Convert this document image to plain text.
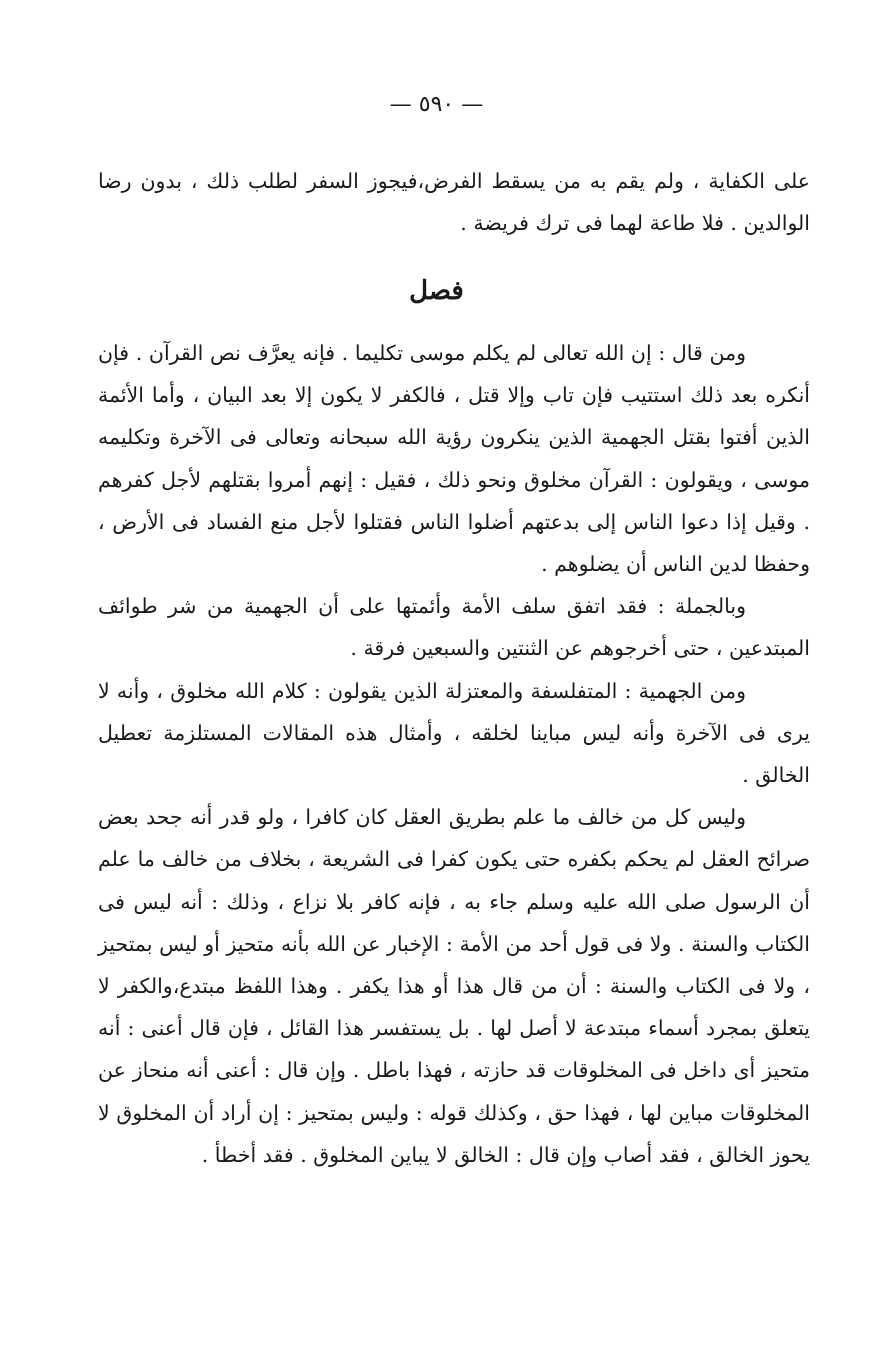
— ٥٩٠ —

على الكفاية ، ولم يقم به من يسقط الفرض،فيجوز السفر لطلب ذلك ، بدون رضا الوالدين . فلا طاعة لهما فى ترك فريضة .

فصل

ومن قال : إن الله تعالى لم يكلم موسى تكليما . فإنه يعرَّف نص القرآن . فإن أنكره بعد ذلك استتيب فإن تاب وإلا قتل ، فالكفر لا يكون إلا بعد البيان ، وأما الأئمة الذين أفتوا بقتل الجهمية الذين ينكرون رؤية الله سبحانه وتعالى فى الآخرة وتكليمه موسى ، ويقولون : القرآن مخلوق ونحو ذلك ، فقيل : إنهم أمروا بقتلهم لأجل كفرهم . وقيل إذا دعوا الناس إلى بدعتهم أضلوا الناس فقتلوا لأجل منع الفساد فى الأرض ، وحفظا لدين الناس أن يضلوهم .

وبالجملة : فقد اتفق سلف الأمة وأئمتها على أن الجهمية من شر طوائف المبتدعين ، حتى أخرجوهم عن الثنتين والسبعين فرقة .

ومن الجهمية : المتفلسفة والمعتزلة الذين يقولون : كلام الله مخلوق ، وأنه لا يرى فى الآخرة وأنه ليس مباينا لخلقه ، وأمثال هذه المقالات المستلزمة تعطيل الخالق .

وليس كل من خالف ما علم بطريق العقل كان كافرا ، ولو قدر أنه جحد بعض صرائح العقل لم يحكم بكفره حتى يكون كفرا فى الشريعة ، بخلاف من خالف ما علم أن الرسول صلى الله عليه وسلم جاء به ، فإنه كافر بلا نزاع ، وذلك : أنه ليس فى الكتاب والسنة . ولا فى قول أحد من الأمة : الإخبار عن الله بأنه متحيز أو ليس بمتحيز ، ولا فى الكتاب والسنة : أن من قال هذا أو هذا يكفر . وهذا اللفظ مبتدع،والكفر لا يتعلق بمجرد أسماء مبتدعة لا أصل لها . بل يستفسر هذا القائل ، فإن قال أعنى : أنه متحيز أى داخل فى المخلوقات قد حازته ، فهذا باطل . وإن قال : أعنى أنه منحاز عن المخلوقات مباين لها ، فهذا حق ، وكذلك قوله : وليس بمتحيز : إن أراد أن المخلوق لا يحوز الخالق ، فقد أصاب وإن قال : الخالق لا يباين المخلوق . فقد أخطأ .
